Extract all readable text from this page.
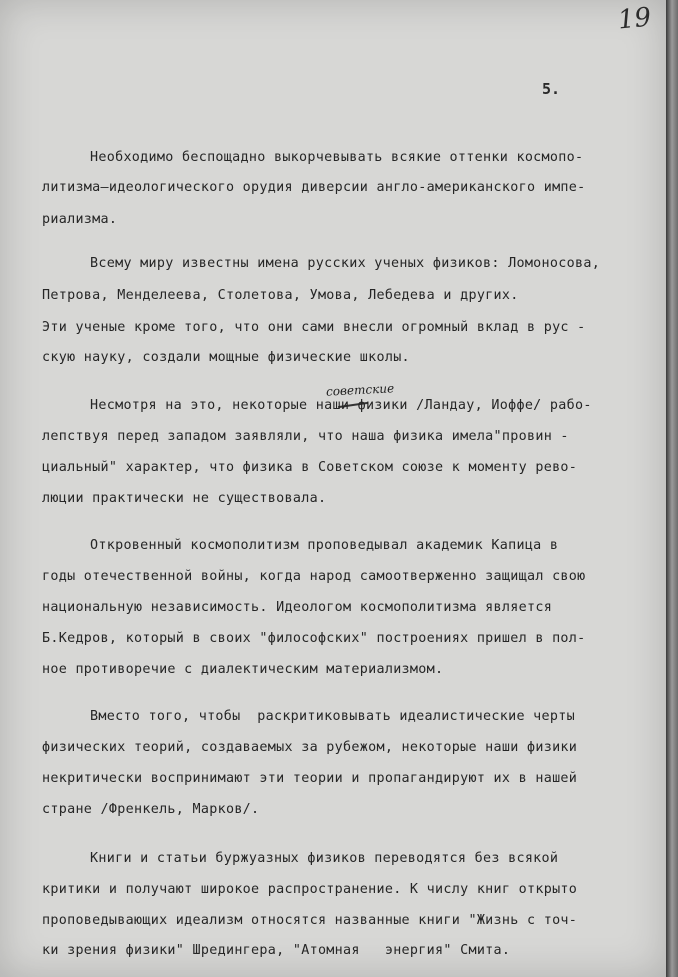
19
5.
советские
Необходимо беспощадно выкорчевывать всякие оттенки космопо-
литизма–идеологического орудия диверсии англо-американского импе-
риализма.
Всему миру известны имена русских ученых физиков: Ломоносова,
Петрова, Менделеева, Столетова, Умова, Лебедева и других.
Эти ученые кроме того, что они сами внесли огромный вклад в рус -
скую науку, создали мощные физические школы.
Несмотря на это, некоторые наши физики /Ландау, Иоффе/ рабо-
лепствуя перед западом заявляли, что наша физика имела"провин -
циальный" характер, что физика в Советском союзе к моменту рево-
люции практически не существовала.
Откровенный космополитизм проповедывал академик Капица в
годы отечественной войны, когда народ самоотверженно защищал свою
национальную независимость. Идеологом космополитизма является
Б.Кедров, который в своих "философских" построениях пришел в пол-
ное противоречие с диалектическим материализмом.
Вместо того, чтобы  раскритиковывать идеалистические черты
физических теорий, создаваемых за рубежом, некоторые наши физики
некритически воспринимают эти теории и пропагандируют их в нашей
стране /Френкель, Марков/.
Книги и статьи буржуазных физиков переводятся без всякой
критики и получают широкое распространение. К числу книг открыто
проповедывающих идеализм относятся названные книги "Жизнь с точ-
ки зрения физики" Шредингера, "Атомная   энергия" Смита.
